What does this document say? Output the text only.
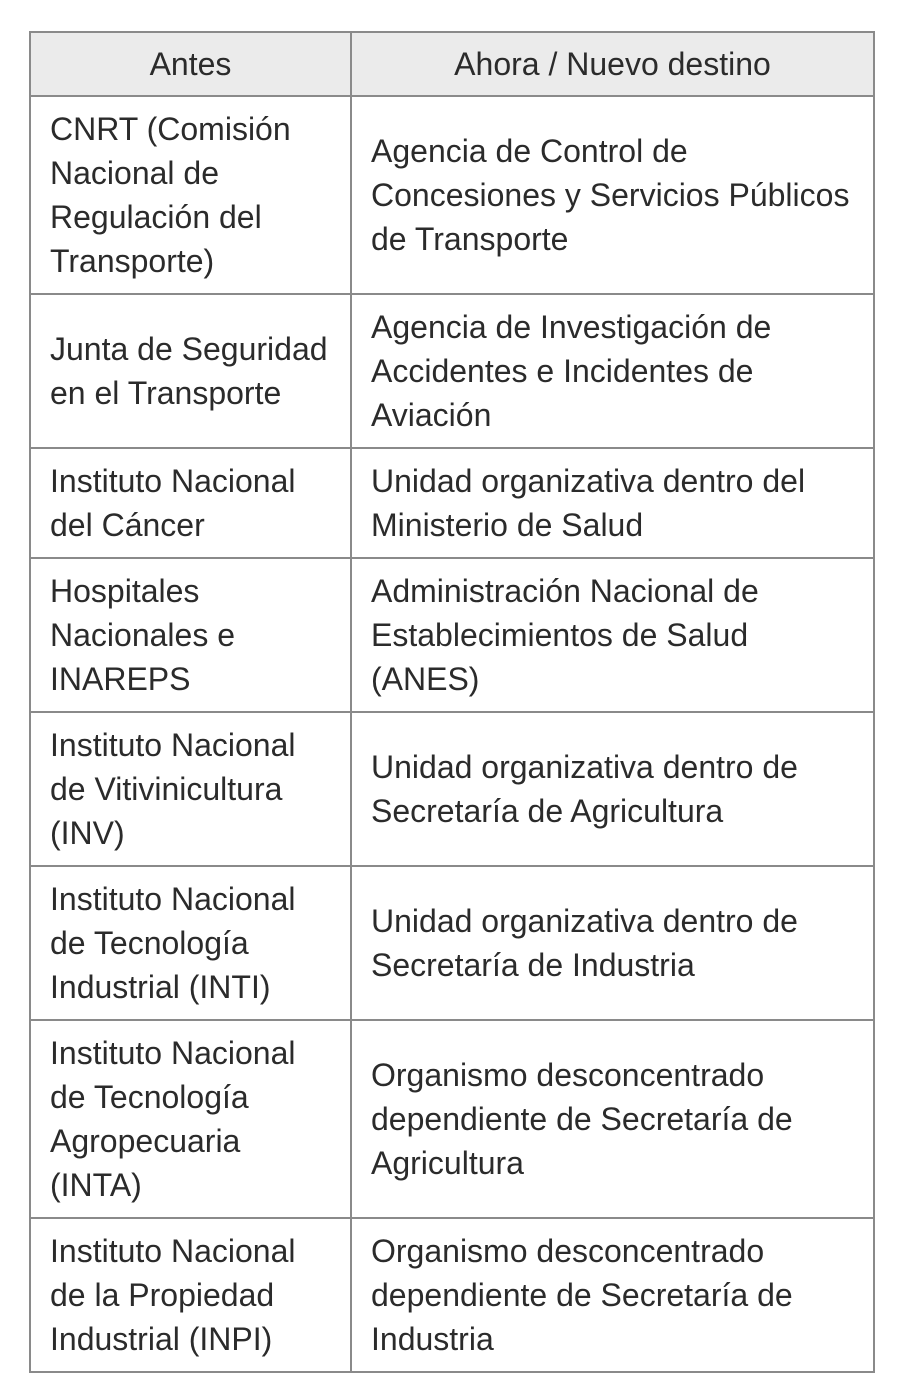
Antes	Ahora / Nuevo destino
CNRT (Comisión Nacional de Regulación del Transporte)	Agencia de Control de Concesiones y Servicios Públicos de Transporte
Junta de Seguridad en el Transporte	Agencia de Investigación de Accidentes e Incidentes de Aviación
Instituto Nacional del Cáncer	Unidad organizativa dentro del Ministerio de Salud
Hospitales Nacionales e INAREPS	Administración Nacional de Establecimientos de Salud (ANES)
Instituto Nacional de Vitivinicultura (INV)	Unidad organizativa dentro de Secretaría de Agricultura
Instituto Nacional de Tecnología Industrial (INTI)	Unidad organizativa dentro de Secretaría de Industria
Instituto Nacional de Tecnología Agropecuaria (INTA)	Organismo desconcentrado dependiente de Secretaría de Agricultura
Instituto Nacional de la Propiedad Industrial (INPI)	Organismo desconcentrado dependiente de Secretaría de Industria
